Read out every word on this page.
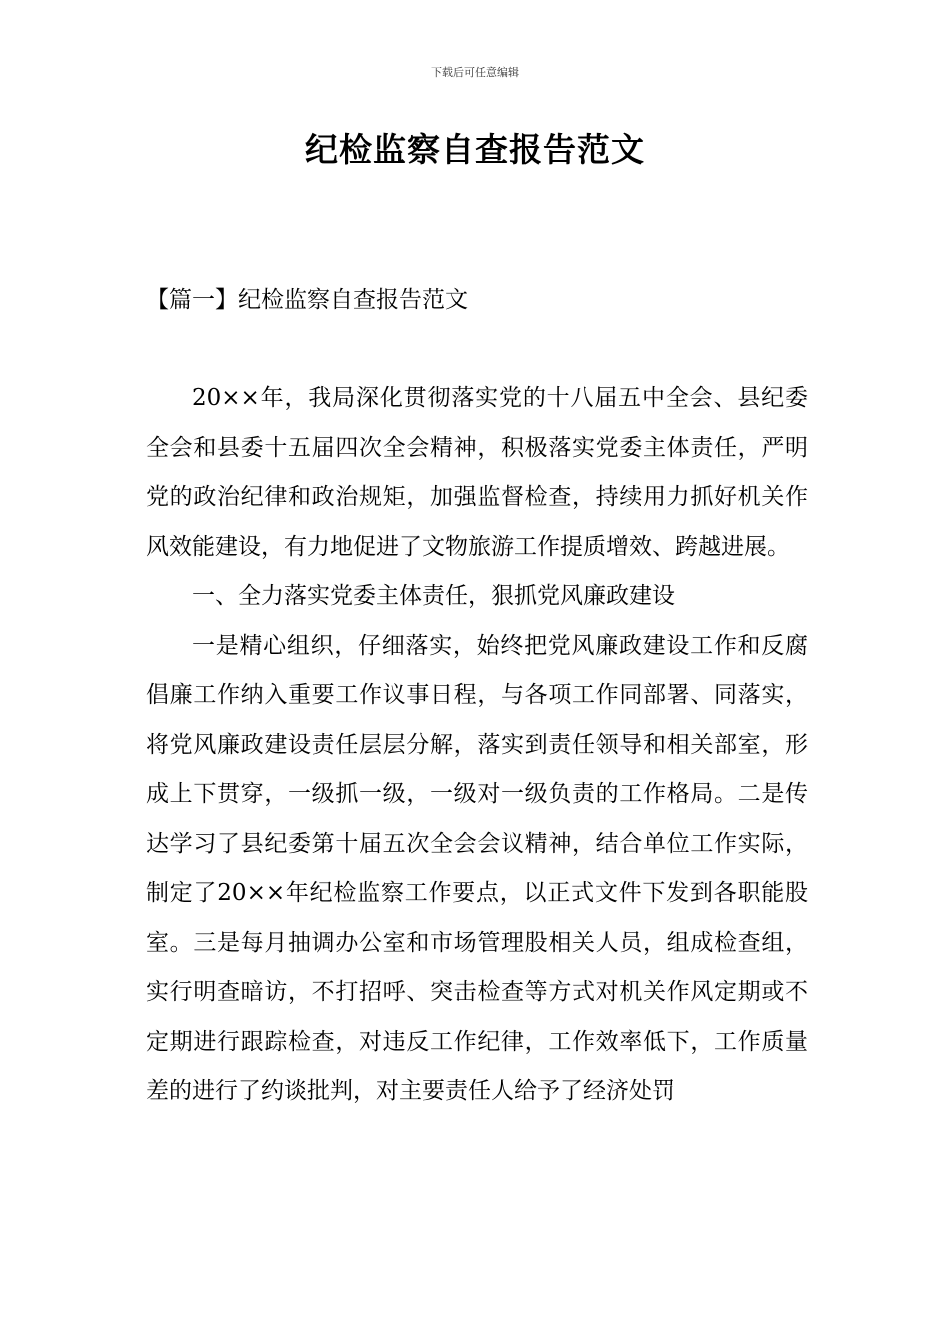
下载后可任意编辑
纪检监察自查报告范文
【篇一】纪检监察自查报告范文

20××年，我局深化贯彻落实党的十八届五中全会、县纪委全会和县委十五届四次全会精神，积极落实党委主体责任，严明党的政治纪律和政治规矩，加强监督检查，持续用力抓好机关作风效能建设，有力地促进了文物旅游工作提质增效、跨越进展。

一、全力落实党委主体责任，狠抓党风廉政建设

一是精心组织，仔细落实，始终把党风廉政建设工作和反腐倡廉工作纳入重要工作议事日程，与各项工作同部署、同落实，将党风廉政建设责任层层分解，落实到责任领导和相关部室，形成上下贯穿，一级抓一级，一级对一级负责的工作格局。二是传达学习了县纪委第十届五次全会会议精神，结合单位工作实际，制定了20××年纪检监察工作要点，以正式文件下发到各职能股室。三是每月抽调办公室和市场管理股相关人员，组成检查组，实行明查暗访，不打招呼、突击检查等方式对机关作风定期或不定期进行跟踪检查，对违反工作纪律，工作效率低下，工作质量差的进行了约谈批判，对主要责任人给予了经济处罚
